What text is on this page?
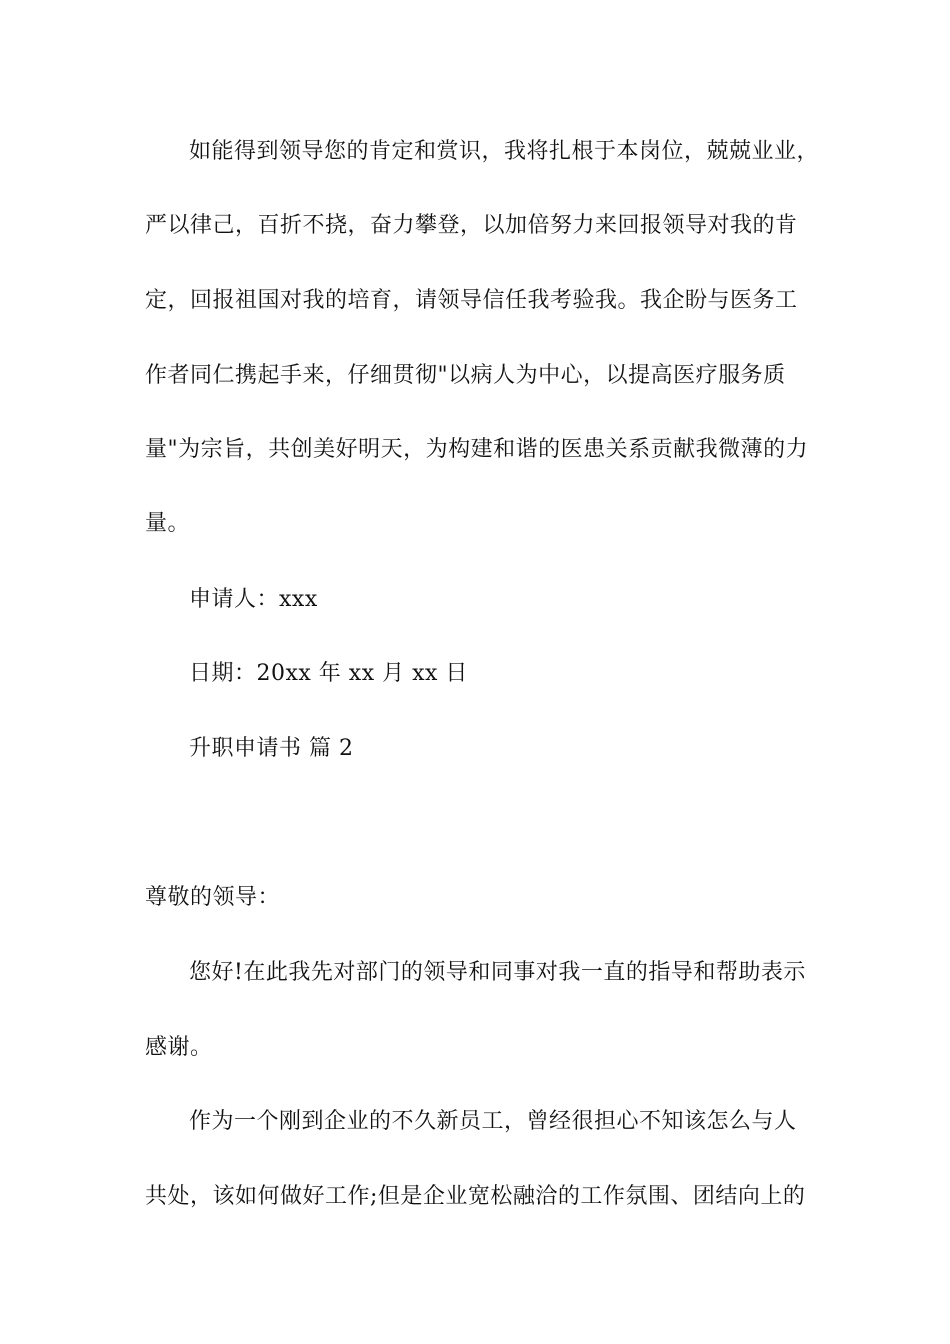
如能得到领导您的肯定和赏识，我将扎根于本岗位，兢兢业业，
严以律己，百折不挠，奋力攀登，以加倍努力来回报领导对我的肯
定，回报祖国对我的培育，请领导信任我考验我。我企盼与医务工
作者同仁携起手来，仔细贯彻"以病人为中心，以提高医疗服务质
量"为宗旨，共创美好明天，为构建和谐的医患关系贡献我微薄的力
量。
申请人：xxx
日期：20xx 年 xx 月 xx 日
升职申请书 篇 2
尊敬的领导：
您好!在此我先对部门的领导和同事对我一直的指导和帮助表示
感谢。
作为一个刚到企业的不久新员工，曾经很担心不知该怎么与人
共处，该如何做好工作;但是企业宽松融洽的工作氛围、团结向上的
